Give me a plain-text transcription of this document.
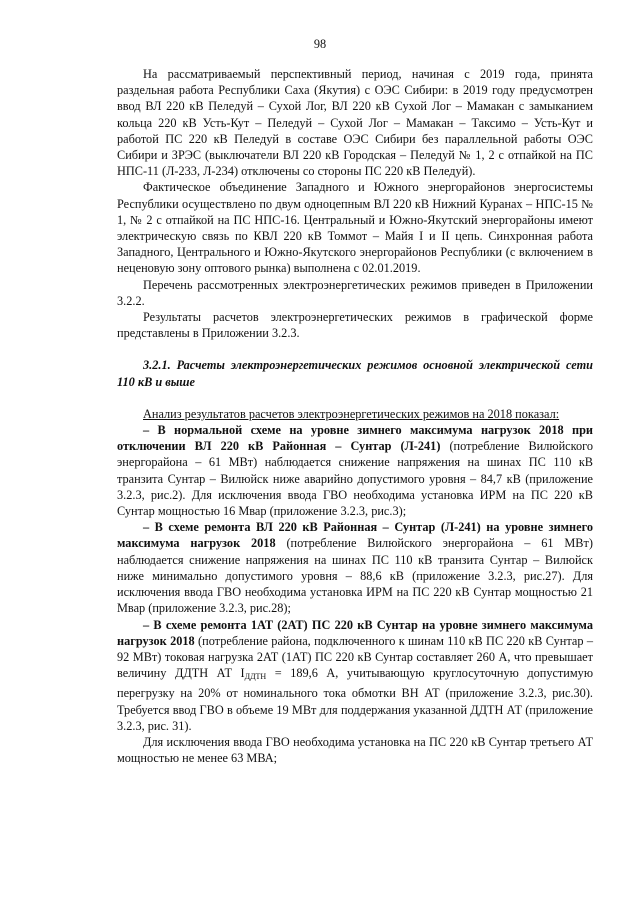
98

На рассматриваемый перспективный период, начиная с 2019 года, принята раздельная работа Республики Саха (Якутия) с ОЭС Сибири: в 2019 году предусмотрен ввод ВЛ 220 кВ Пеледуй – Сухой Лог, ВЛ 220 кВ Сухой Лог – Мамакан с замыканием кольца 220 кВ Усть-Кут – Пеледуй – Сухой Лог – Мамакан – Таксимо – Усть-Кут и работой ПС 220 кВ Пеледуй в составе ОЭС Сибири без параллельной работы ОЭС Сибири и ЗРЭС (выключатели ВЛ 220 кВ Городская – Пеледуй № 1, 2 с отпайкой на ПС НПС-11 (Л-233, Л-234) отключены со стороны ПС 220 кВ Пеледуй).

Фактическое объединение Западного и Южного энергорайонов энергосистемы Республики осуществлено по двум одноцепным ВЛ 220 кВ Нижний Куранах – НПС-15 № 1, № 2 с отпайкой на ПС НПС-16. Центральный и Южно-Якутский энергорайоны имеют электрическую связь по КВЛ 220 кВ Томмот – Майя I и II цепь. Синхронная работа Западного, Центрального и Южно-Якутского энергорайонов Республики (с включением в неценовую зону оптового рынка) выполнена с 02.01.2019.

Перечень рассмотренных электроэнергетических режимов приведен в Приложении 3.2.2.

Результаты расчетов электроэнергетических режимов в графической форме представлены в Приложении 3.2.3.

3.2.1. Расчеты электроэнергетических режимов основной электрической сети 110 кВ и выше

Анализ результатов расчетов электроэнергетических режимов на 2018 показал:

– В нормальной схеме на уровне зимнего максимума нагрузок 2018 при отключении ВЛ 220 кВ Районная – Сунтар (Л-241) (потребление Вилюйского энергорайона – 61 МВт) наблюдается снижение напряжения на шинах ПС 110 кВ транзита Сунтар – Вилюйск ниже аварийно допустимого уровня – 84,7 кВ (приложение 3.2.3, рис.2). Для исключения ввода ГВО необходима установка ИРМ на ПС 220 кВ Сунтар мощностью 16 Мвар (приложение 3.2.3, рис.3);

– В схеме ремонта ВЛ 220 кВ Районная – Сунтар (Л-241) на уровне зимнего максимума нагрузок 2018 (потребление Вилюйского энергорайона – 61 МВт) наблюдается снижение напряжения на шинах ПС 110 кВ транзита Сунтар – Вилюйск ниже минимально допустимого уровня – 88,6 кВ (приложение 3.2.3, рис.27). Для исключения ввода ГВО необходима установка ИРМ на ПС 220 кВ Сунтар мощностью 21 Мвар (приложение 3.2.3, рис.28);

– В схеме ремонта 1АТ (2АТ) ПС 220 кВ Сунтар на уровне зимнего максимума нагрузок 2018 (потребление района, подключенного к шинам 110 кВ ПС 220 кВ Сунтар – 92 МВт) токовая нагрузка 2АТ (1АТ) ПС 220 кВ Сунтар составляет 260 А, что превышает величину ДДТН АТ $I_{ДДТН} = 189,6$ А, учитывающую круглосуточную допустимую перегрузку на 20% от номинального тока обмотки ВН АТ (приложение 3.2.3, рис.30). Требуется ввод ГВО в объеме 19 МВт для поддержания указанной ДДТН АТ (приложение 3.2.3, рис. 31).

Для исключения ввода ГВО необходима установка на ПС 220 кВ Сунтар третьего АТ мощностью не менее 63 МВА;
